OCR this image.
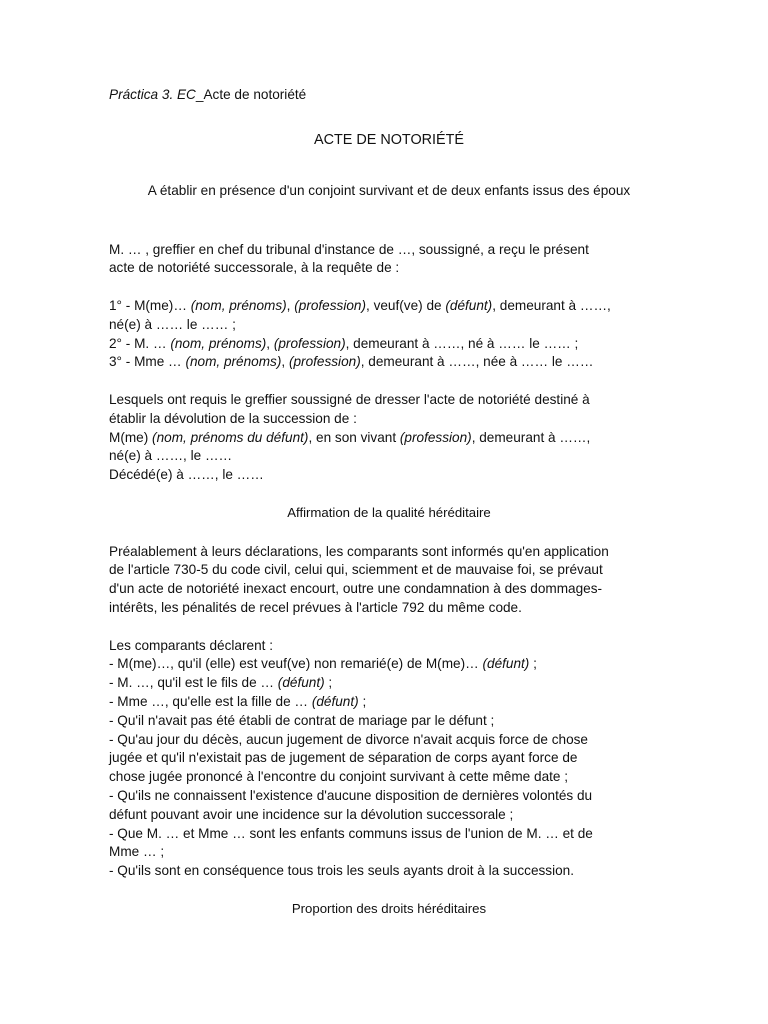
Práctica 3. EC_Acte de notoriété
ACTE DE NOTORIÉTÉ
A établir en présence d'un conjoint survivant et de deux enfants issus des époux
M. … , greffier en chef du tribunal d'instance de …, soussigné, a reçu le présent
acte de notoriété successorale, à la requête de :
1° - M(me)… (nom, prénoms), (profession), veuf(ve) de (défunt), demeurant à ……,
né(e) à …… le …… ;
2° - M. … (nom, prénoms), (profession), demeurant à ……, né à …… le …… ;
3° - Mme … (nom, prénoms), (profession), demeurant à ……, née à …… le ……
Lesquels ont requis le greffier soussigné de dresser l'acte de notoriété destiné à
établir la dévolution de la succession de :
M(me) (nom, prénoms du défunt), en son vivant (profession), demeurant à ……,
né(e) à ……, le ……
Décédé(e) à ……, le ……
Affirmation de la qualité héréditaire
Préalablement à leurs déclarations, les comparants sont informés qu'en application
de l'article 730-5 du code civil, celui qui, sciemment et de mauvaise foi, se prévaut
d'un acte de notoriété inexact encourt, outre une condamnation à des dommages-
intérêts, les pénalités de recel prévues à l'article 792 du même code.
Les comparants déclarent :
- M(me)…, qu'il (elle) est veuf(ve) non remarié(e) de M(me)… (défunt) ;
- M. …, qu'il est le fils de … (défunt) ;
- Mme …, qu'elle est la fille de … (défunt) ;
- Qu'il n'avait pas été établi de contrat de mariage par le défunt ;
- Qu'au jour du décès, aucun jugement de divorce n'avait acquis force de chose
jugée et qu'il n'existait pas de jugement de séparation de corps ayant force de
chose jugée prononcé à l'encontre du conjoint survivant à cette même date ;
- Qu'ils ne connaissent l'existence d'aucune disposition de dernières volontés du
défunt pouvant avoir une incidence sur la dévolution successorale ;
- Que M. … et Mme … sont les enfants communs issus de l'union de M. … et de
Mme … ;
- Qu'ils sont en conséquence tous trois les seuls ayants droit à la succession.
Proportion des droits héréditaires
